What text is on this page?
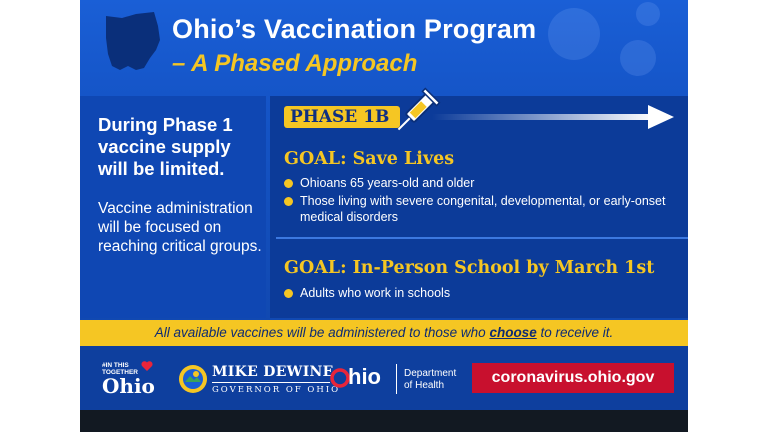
Ohio’s Vaccination Program
– A Phased Approach
During Phase 1 vaccine supply will be limited.
Vaccine administration will be focused on reaching critical groups.
PHASE 1B
GOAL: Save Lives
Ohioans 65 years-old and older
Those living with severe congenital, developmental, or early-onset medical disorders
GOAL: In-Person School by March 1st
Adults who work in schools
All available vaccines will be administered to those who choose to receive it.
#IN THIS TOGETHER
Ohio
MIKE DEWINE
GOVERNOR OF OHIO
hio Department of Health	coronavirus.ohio.gov
